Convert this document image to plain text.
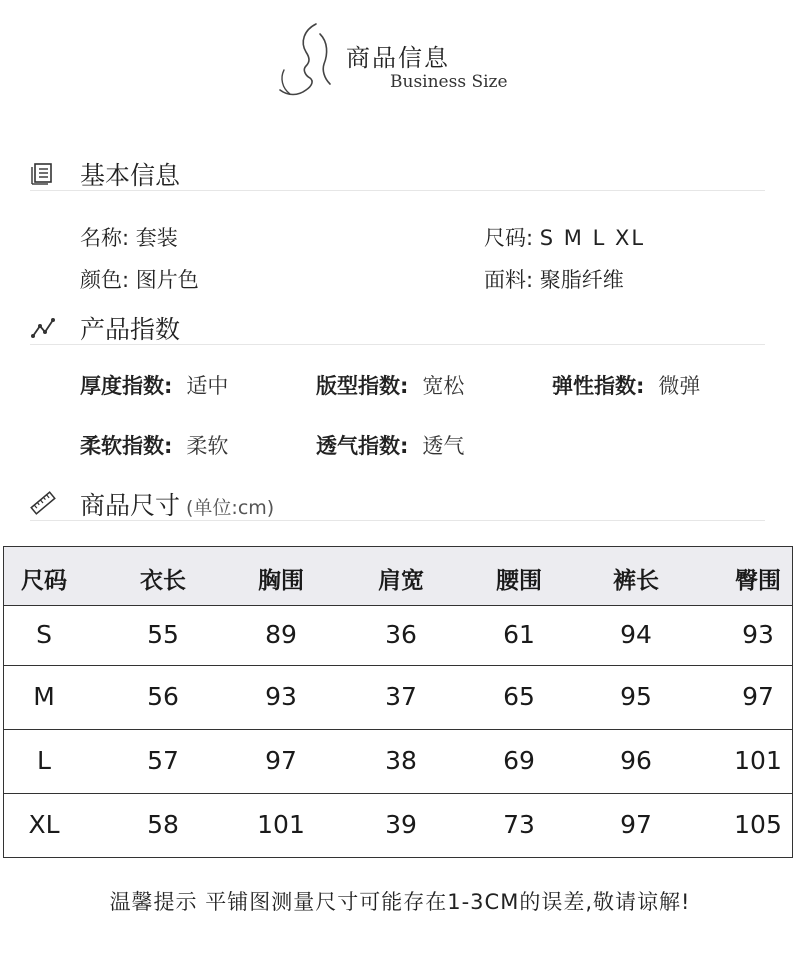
商品信息
Business Size
基本信息
名称: 套装	尺码: S M L XL
颜色: 图片色	面料: 聚脂纤维
产品指数
厚度指数: 适中	版型指数: 宽松	弹性指数: 微弹
柔软指数: 柔软	透气指数: 透气
商品尺寸 (单位:cm)
尺码	衣长	胸围	肩宽	腰围	裤长	臀围
S	55	89	36	61	94	93
M	56	93	37	65	95	97
L	57	97	38	69	96	101
XL	58	101	39	73	97	105
温馨提示 平铺图测量尺寸可能存在1-3CM的误差,敬请谅解!
